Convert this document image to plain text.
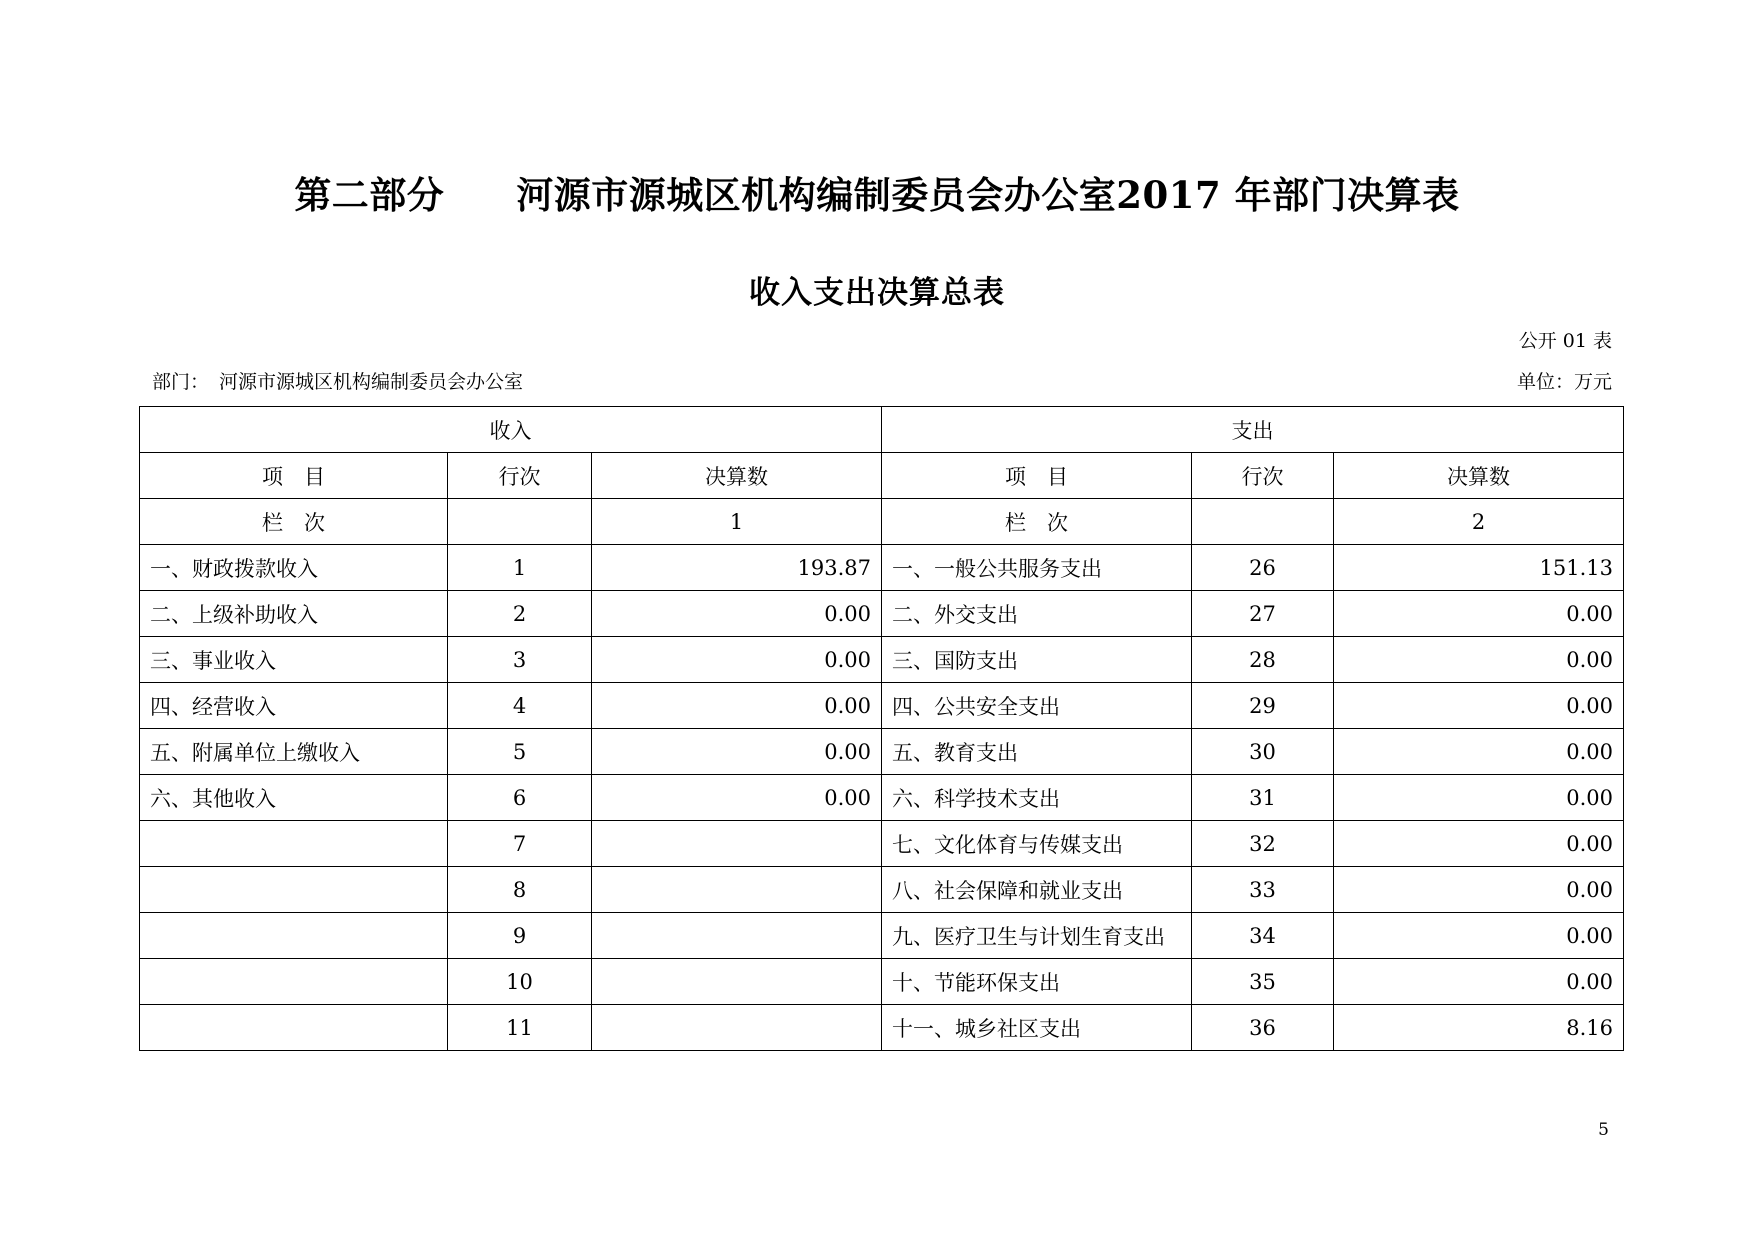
第二部分 河源市源城区机构编制委员会办公室2017 年部门决算表
收入支出决算总表
公开 01 表
部门： 河源市源城区机构编制委员会办公室	单位：万元
收入			支出		
项　目	行次	决算数	项　目	行次	决算数
栏　次		1	栏　次		2
一、财政拨款收入	1	193.87	一、一般公共服务支出	26	151.13
二、上级补助收入	2	0.00	二、外交支出	27	0.00
三、事业收入	3	0.00	三、国防支出	28	0.00
四、经营收入	4	0.00	四、公共安全支出	29	0.00
五、附属单位上缴收入	5	0.00	五、教育支出	30	0.00
六、其他收入	6	0.00	六、科学技术支出	31	0.00
	7		七、文化体育与传媒支出	32	0.00
	8		八、社会保障和就业支出	33	0.00
	9		九、医疗卫生与计划生育支出	34	0.00
	10		十、节能环保支出	35	0.00
	11		十一、城乡社区支出	36	8.16
5
